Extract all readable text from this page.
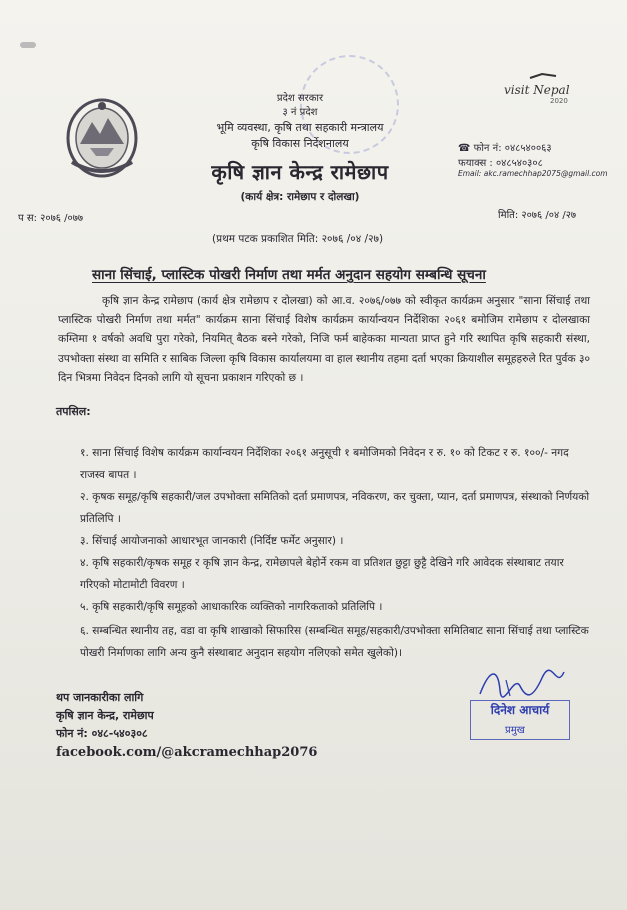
प्रदेश सरकार
३ नं प्रदेश
भूमि व्यवस्था, कृषि तथा सहकारी मन्त्रालय
कृषि विकास निर्देशनालय
कृषि ज्ञान केन्द्र रामेछाप
(कार्य क्षेत्र: रामेछाप र दोलखा)
visit Nepal
2020
☎ फोन नं: ०४८५४००६३
फयाक्स : ०४८५४०३०८
Email: akc.ramechhap2075@gmail.com
प स: २०७६ /०७७	मिति: २०७६ /०४ /२७
(प्रथम पटक प्रकाशित मिति: २०७६ /०४ /२७)
साना सिंचाई, प्लास्टिक पोखरी निर्माण तथा मर्मत अनुदान सहयोग सम्बन्धि सूचना
कृषि ज्ञान केन्द्र रामेछाप (कार्य क्षेत्र रामेछाप र दोलखा) को आ.व. २०७६/०७७ को स्वीकृत कार्यक्रम अनुसार "साना सिंचाई तथा प्लास्टिक पोखरी निर्माण तथा मर्मत" कार्यक्रम साना सिंचाई विशेष कार्यक्रम कार्यान्वयन निर्देशिका २०६१ बमोजिम रामेछाप र दोलखाका कम्तिमा १ वर्षको अवधि पुरा गरेको, नियमित् बैठक बस्ने गरेको, निजि फर्म बाहेकका मान्यता प्राप्त हुने गरि स्थापित कृषि सहकारी संस्था, उपभोक्ता संस्था वा समिति र साबिक जिल्ला कृषि विकास कार्यालयमा वा हाल स्थानीय तहमा दर्ता भएका क्रियाशील समूहहरुले रित पुर्वक ३० दिन भित्रमा निवेदन दिनको लागि यो सूचना प्रकाशन गरिएको छ ।
तपसिल:
१. साना सिंचाई विशेष कार्यक्रम कार्यान्वयन निर्देशिका २०६१ अनुसूची १ बमोजिमको निवेदन र रु. १० को टिकट र रु. १००/- नगद राजस्व बापत ।
२. कृषक समूह/कृषि सहकारी/जल उपभोक्ता समितिको दर्ता प्रमाणपत्र, नविकरण, कर चुक्ता, प्यान, दर्ता प्रमाणपत्र, संस्थाको निर्णयको प्रतिलिपि ।
३. सिंचाई आयोजनाको आधारभूत जानकारी (निर्दिष्ट फर्मेट अनुसार) ।
४. कृषि सहकारी/कृषक समूह र कृषि ज्ञान केन्द्र, रामेछापले बेहोर्ने रकम वा प्रतिशत छुट्टा छुट्टै देखिने गरि आवेदक संस्थाबाट तयार गरिएको मोटामोटी विवरण ।
५. कृषि सहकारी/कृषि समूहको आधाकारिक व्यक्तिको नागरिकताको प्रतिलिपि ।
६. सम्बन्धित स्थानीय तह, वडा वा कृषि शाखाको सिफारिस (सम्बन्धित समूह/सहकारी/उपभोक्ता समितिबाट साना सिंचाई तथा प्लास्टिक पोखरी निर्माणका लागि अन्य कुनै संस्थाबाट अनुदान सहयोग नलिएको समेत खुलेको)।
थप जानकारीका लागि
कृषि ज्ञान केन्द्र, रामेछाप
फोन नं: ०४८-५४०३०८
facebook.com/@akcramechhap2076
दिनेश आचार्य
प्रमुख
